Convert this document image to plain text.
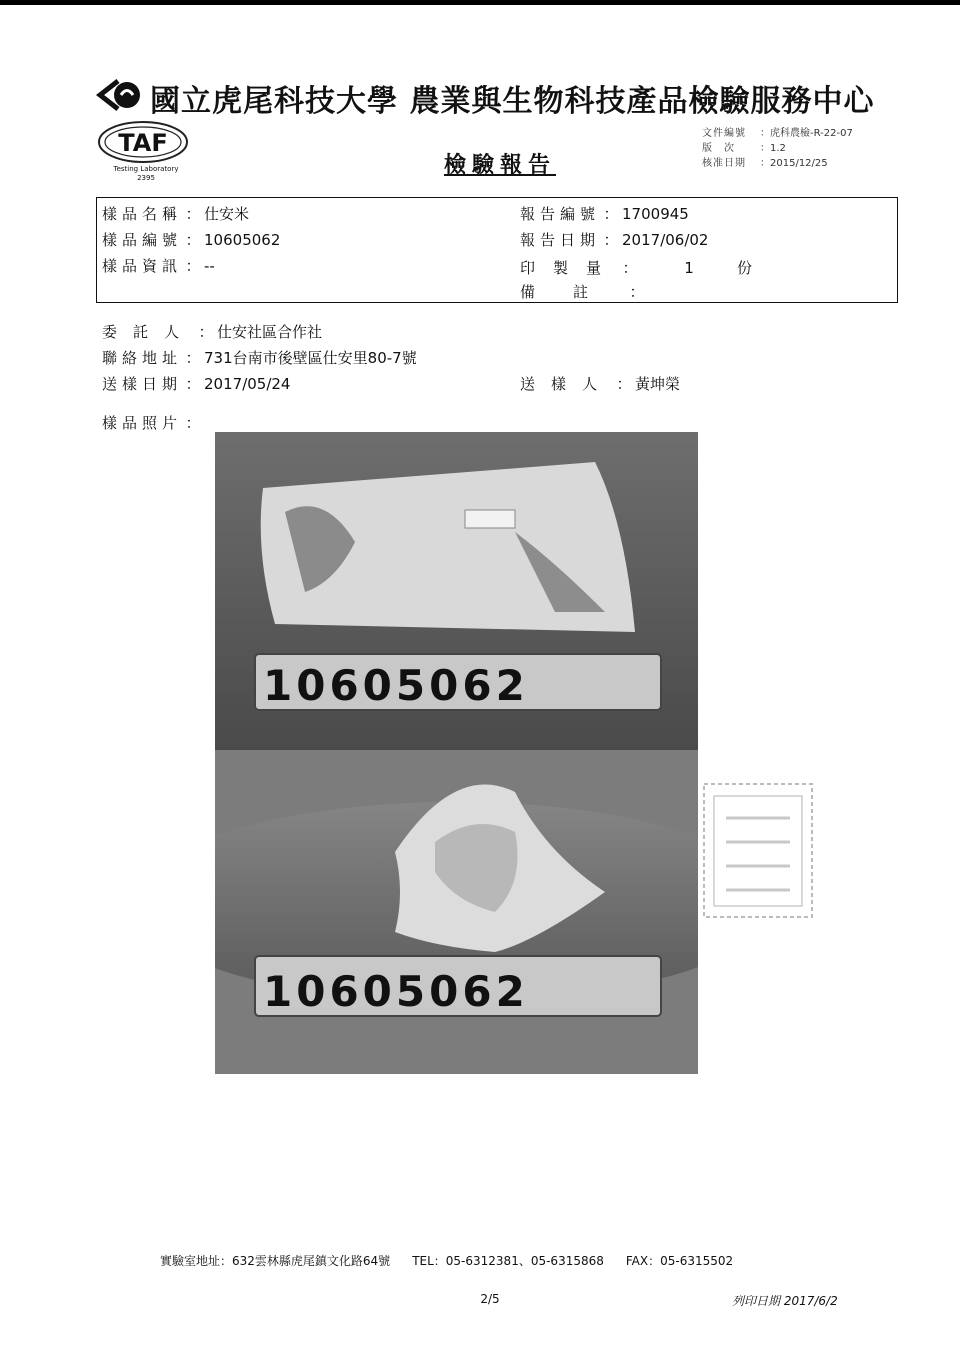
國立虎尾科技大學 農業與生物科技產品檢驗服務中心
TAF
Testing Laboratory
2395	檢驗報告
文件編號	： 虎科農檢-R-22-07
版　次	： 1.2
核准日期	： 2015/12/25
樣品名稱 ： 仕安米
樣品編號 ： 10605062
樣品資訊 ： --
報告編號 ： 1700945
報告日期 ： 2017/06/02
印製量 ：	1	份
備註 ：
委託人 ： 仕安社區合作社
聯絡地址 ： 731台南市後壁區仕安里80-7號
送樣日期 ： 2017/05/24	送樣人 ： 黃坤榮
樣品照片 ：
10605062
10605062
實驗室地址：632雲林縣虎尾鎮文化路64號 TEL：05-6312381、05-6315868 FAX：05-6315502
2/5	列印日期 2017/6/2
